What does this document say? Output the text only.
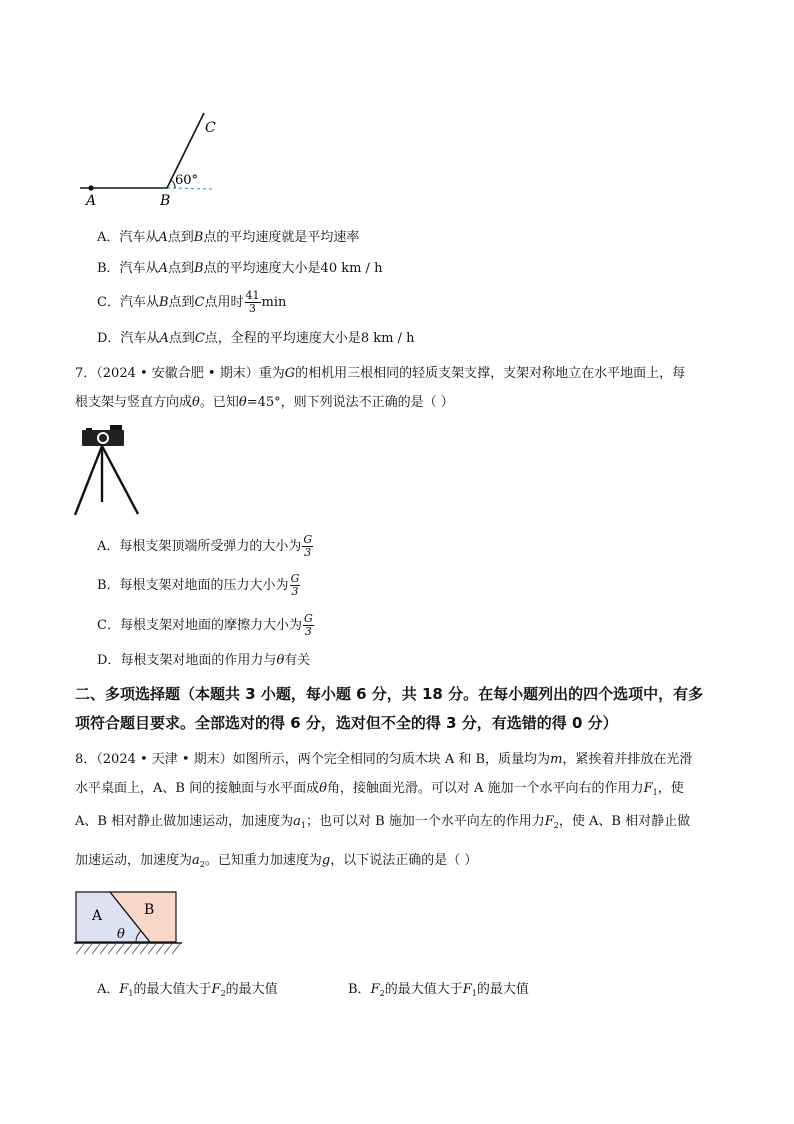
A	B
C
60°
A．汽车从A点到B点的平均速度就是平均速率
B．汽车从A点到B点的平均速度大小是40 km / h
C．汽车从B点到C点用时 $\frac{41}{3}$ min
D．汽车从A点到C点，全程的平均速度大小是8 km / h
7．（2024 • 安徽合肥 • 期末）重为G的相机用三根相同的轻质支架支撑，支架对称地立在水平地面上，每
根支架与竖直方向成θ。已知θ=45°，则下列说法不正确的是（ ）
A．每根支架顶端所受弹力的大小为 $\frac{G}{3}$
B．每根支架对地面的压力大小为 $\frac{G}{3}$
C．每根支架对地面的摩擦力大小为 $\frac{G}{3}$
D．每根支架对地面的作用力与θ有关
二、多项选择题（本题共 3 小题，每小题 6 分，共 18 分。在每小题列出的四个选项中，有多
项符合题目要求。全部选对的得 6 分，选对但不全的得 3 分，有选错的得 0 分）
8．（2024 • 天津 • 期末）如图所示，两个完全相同的匀质木块 A 和 B，质量均为m，紧挨着并排放在光滑
水平桌面上，A、B 间的接触面与水平面成θ角，接触面光滑。可以对 A 施加一个水平向右的作用力$F_1$，使
A、B 相对静止做加速运动，加速度为$a_1$；也可以对 B 施加一个水平向左的作用力$F_2$，使 A、B 相对静止做
加速运动，加速度为$a_2$。已知重力加速度为g，以下说法正确的是（ ）
A	B
θ
A．$F_1$的最大值大于$F_2$的最大值	B．$F_2$的最大值大于$F_1$的最大值
